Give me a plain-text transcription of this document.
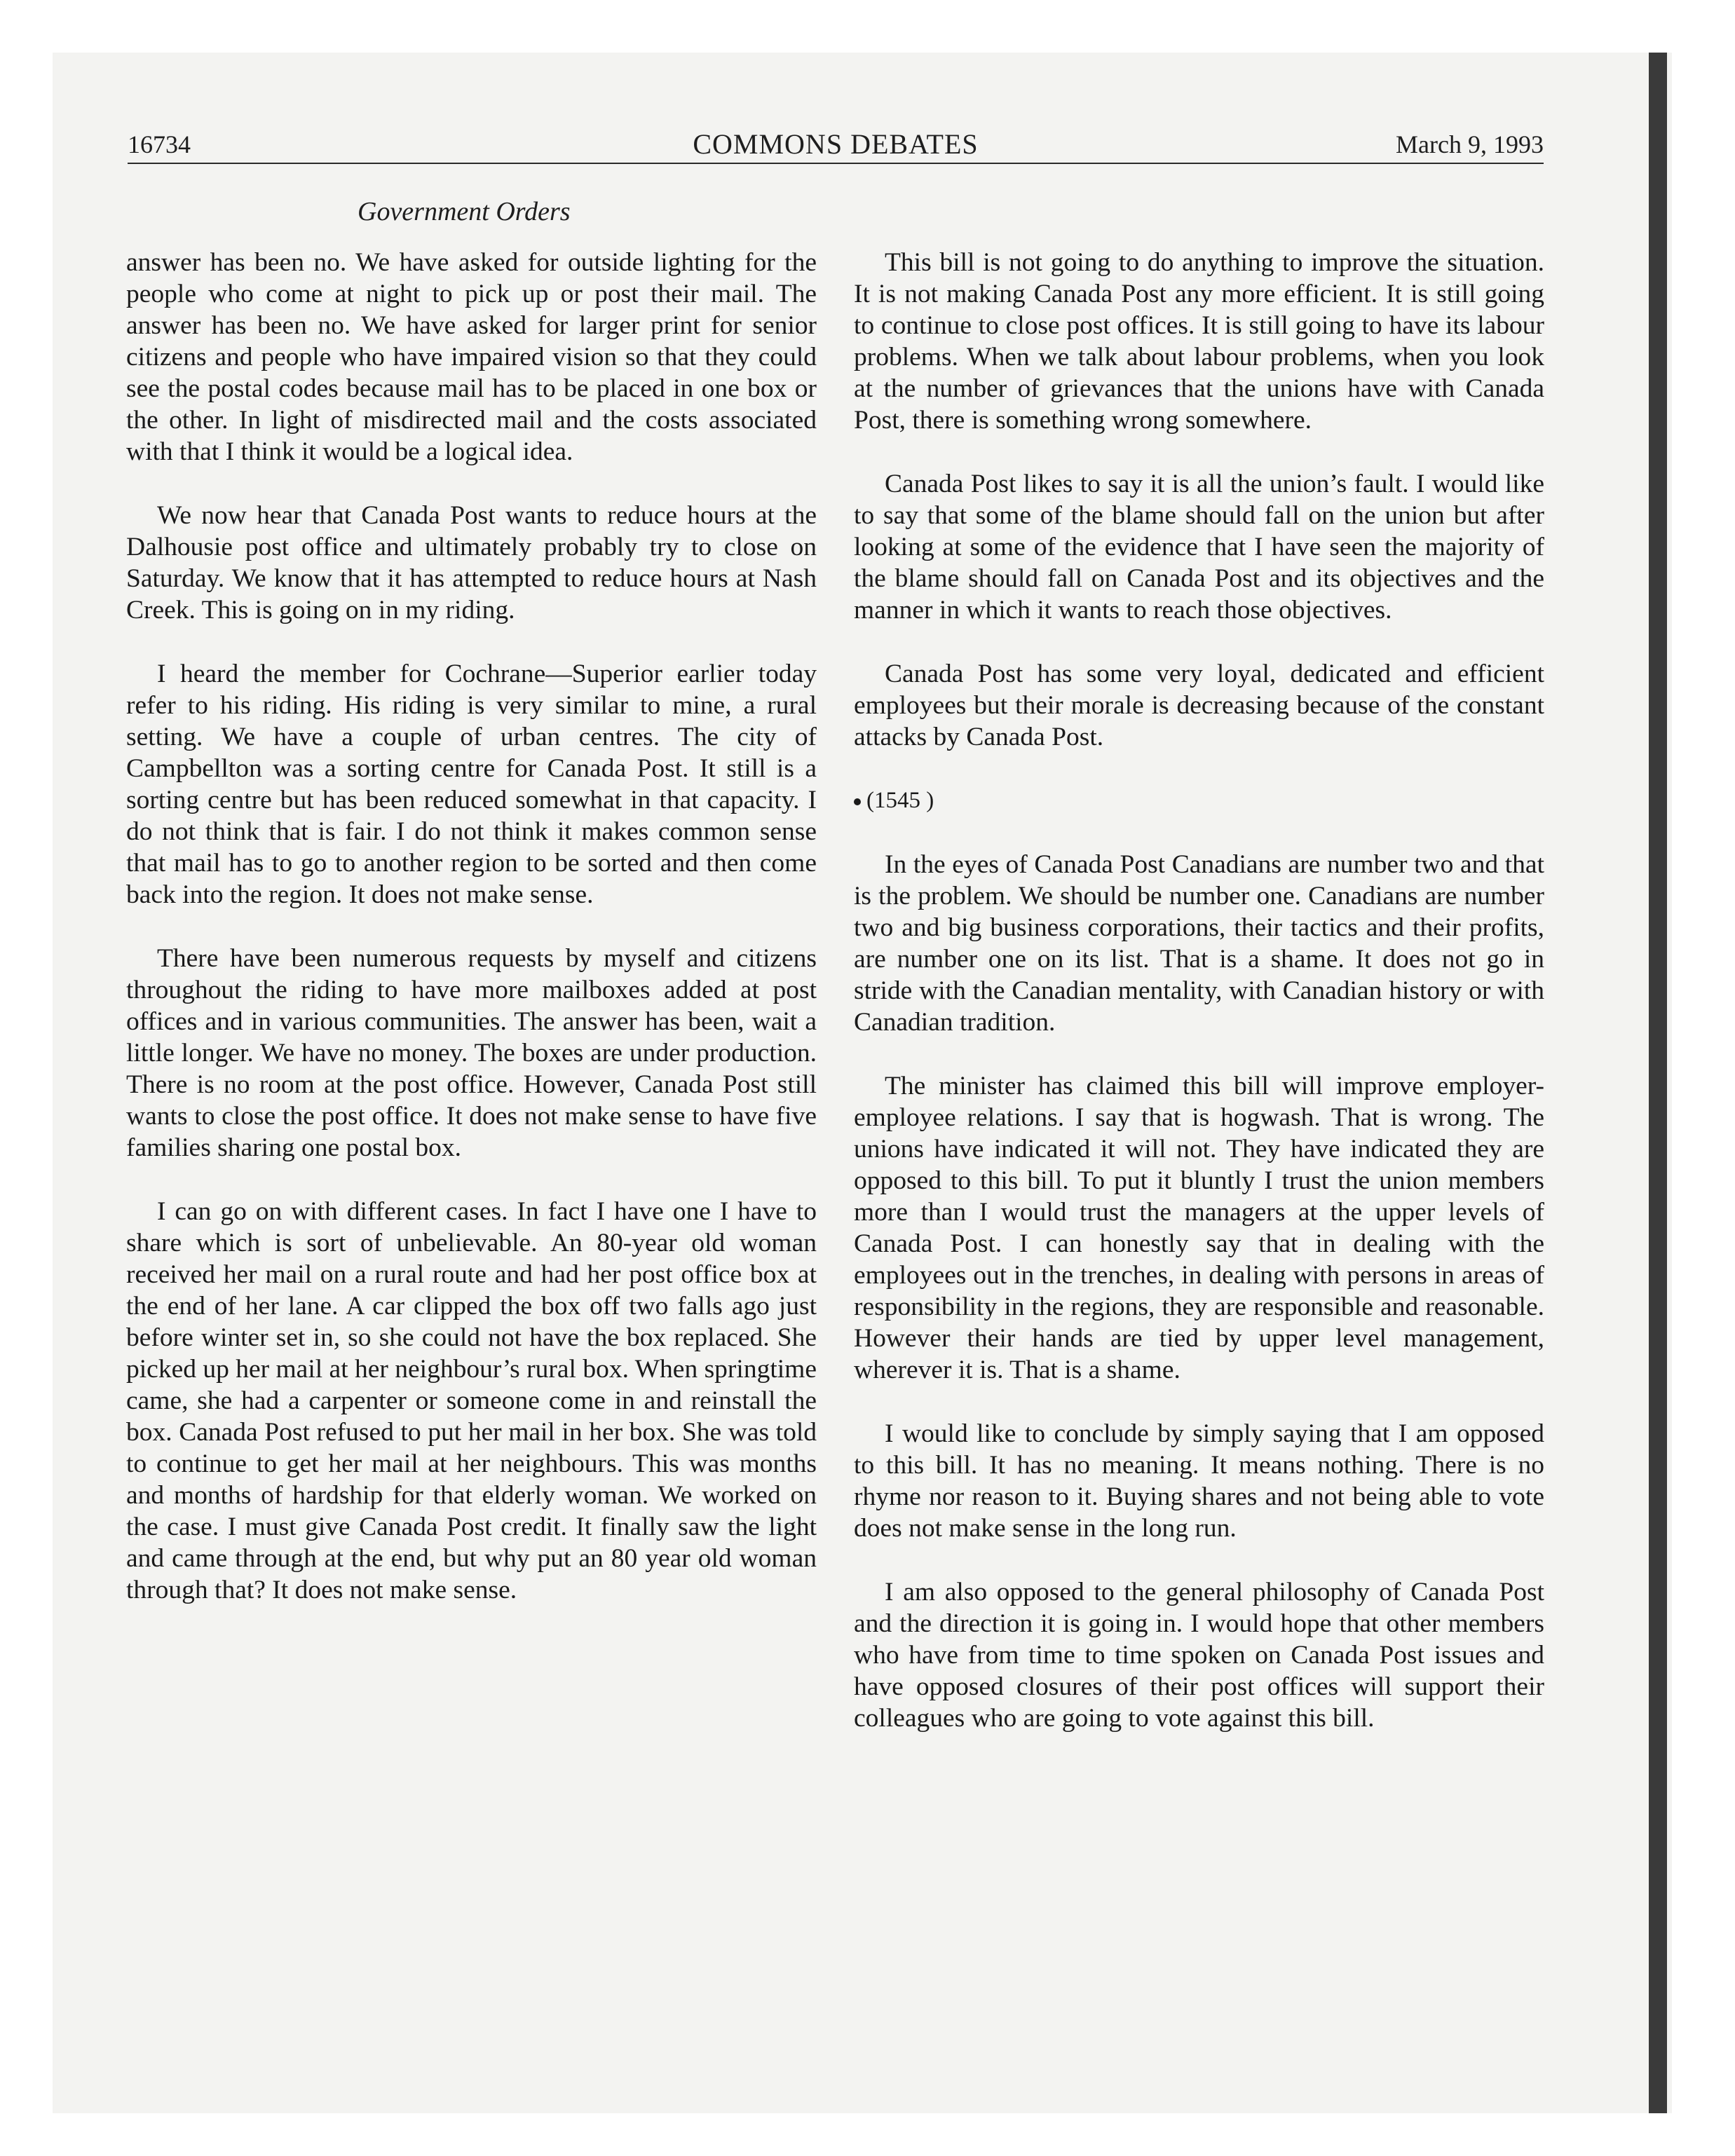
16734	COMMONS DEBATES	March 9, 1993
Government Orders

answer has been no. We have asked for outside lighting for the people who come at night to pick up or post their mail. The answer has been no. We have asked for larger print for senior citizens and people who have impaired vision so that they could see the postal codes because mail has to be placed in one box or the other. In light of misdirected mail and the costs associated with that I think it would be a logical idea.

We now hear that Canada Post wants to reduce hours at the Dalhousie post office and ultimately probably try to close on Saturday. We know that it has attempted to reduce hours at Nash Creek. This is going on in my riding.

I heard the member for Cochrane—Superior earlier today refer to his riding. His riding is very similar to mine, a rural setting. We have a couple of urban centres. The city of Campbellton was a sorting centre for Canada Post. It still is a sorting centre but has been reduced somewhat in that capacity. I do not think that is fair. I do not think it makes common sense that mail has to go to another region to be sorted and then come back into the region. It does not make sense.

There have been numerous requests by myself and citizens throughout the riding to have more mailboxes added at post offices and in various communities. The answer has been, wait a little longer. We have no money. The boxes are under production. There is no room at the post office. However, Canada Post still wants to close the post office. It does not make sense to have five families sharing one postal box.

I can go on with different cases. In fact I have one I have to share which is sort of unbelievable. An 80-year old woman received her mail on a rural route and had her post office box at the end of her lane. A car clipped the box off two falls ago just before winter set in, so she could not have the box replaced. She picked up her mail at her neighbour’s rural box. When springtime came, she had a carpenter or someone come in and reinstall the box. Canada Post refused to put her mail in her box. She was told to continue to get her mail at her neighbours. This was months and months of hardship for that elderly woman. We worked on the case. I must give Canada Post credit. It finally saw the light and came through at the end, but why put an 80 year old woman through that? It does not make sense.

This bill is not going to do anything to improve the situation. It is not making Canada Post any more efficient. It is still going to continue to close post offices. It is still going to have its labour problems. When we talk about labour problems, when you look at the number of grievances that the unions have with Canada Post, there is something wrong somewhere.

Canada Post likes to say it is all the union’s fault. I would like to say that some of the blame should fall on the union but after looking at some of the evidence that I have seen the majority of the blame should fall on Canada Post and its objectives and the manner in which it wants to reach those objectives.

Canada Post has some very loyal, dedicated and efficient employees but their morale is decreasing because of the constant attacks by Canada Post.

(1545 )

In the eyes of Canada Post Canadians are number two and that is the problem. We should be number one. Canadians are number two and big business corporations, their tactics and their profits, are number one on its list. That is a shame. It does not go in stride with the Canadian mentality, with Canadian history or with Canadian tradition.

The minister has claimed this bill will improve employer-employee relations. I say that is hogwash. That is wrong. The unions have indicated it will not. They have indicated they are opposed to this bill. To put it bluntly I trust the union members more than I would trust the managers at the upper levels of Canada Post. I can honestly say that in dealing with the employees out in the trenches, in dealing with persons in areas of responsibility in the regions, they are responsible and reasonable. However their hands are tied by upper level management, wherever it is. That is a shame.

I would like to conclude by simply saying that I am opposed to this bill. It has no meaning. It means nothing. There is no rhyme nor reason to it. Buying shares and not being able to vote does not make sense in the long run.

I am also opposed to the general philosophy of Canada Post and the direction it is going in. I would hope that other members who have from time to time spoken on Canada Post issues and have opposed closures of their post offices will support their colleagues who are going to vote against this bill.
